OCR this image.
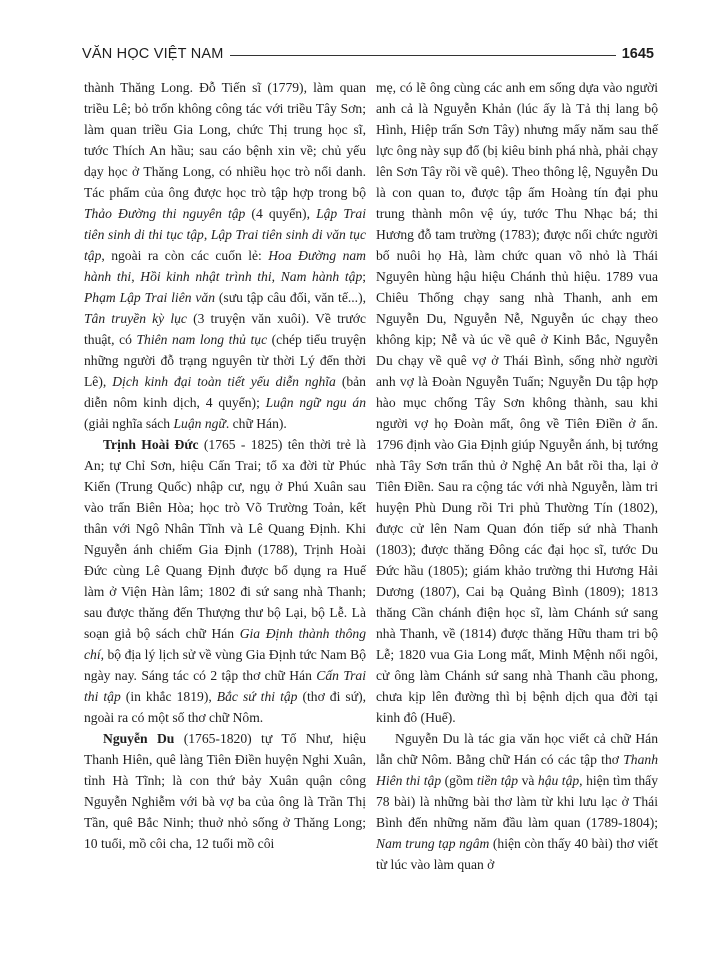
VĂN HỌC VIỆT NAM	1645

thành Thăng Long. Đỗ Tiến sĩ (1779), làm quan triều Lê; bỏ trốn không công tác với triều Tây Sơn; làm quan triều Gia Long, chức Thị trung học sĩ, tước Thích An hầu; sau cáo bệnh xin về; chủ yếu dạy học ở Thăng Long, có nhiều học trò nổi danh. Tác phẩm của ông được học trò tập hợp trong bộ Thảo Đường thi nguyên tập (4 quyển), Lập Trai tiên sinh di thi tục tập, Lập Trai tiên sinh di văn tục tập, ngoài ra còn các cuốn lẻ: Hoa Đường nam hành thi, Hồi kinh nhật trình thi, Nam hành tập; Phạm Lập Trai liên văn (sưu tập câu đối, văn tế...), Tân truyền kỳ lục (3 truyện văn xuôi). Về trước thuật, có Thiên nam long thủ tục (chép tiểu truyện những người đỗ trạng nguyên từ thời Lý đến thời Lê), Dịch kinh đại toàn tiết yếu diễn nghĩa (bản diễn nôm kinh dịch, 4 quyển); Luận ngữ ngu án (giải nghĩa sách Luận ngữ. chữ Hán).

Trịnh Hoài Đức (1765 - 1825) tên thời trẻ là An; tự Chỉ Sơn, hiệu Cấn Trai; tổ xa đời từ Phúc Kiến (Trung Quốc) nhập cư, ngụ ở Phú Xuân sau vào trấn Biên Hòa; học trò Võ Trường Toản, kết thân với Ngô Nhân Tĩnh và Lê Quang Định. Khi Nguyễn ánh chiếm Gia Định (1788), Trịnh Hoài Đức cùng Lê Quang Định được bổ dụng ra Huế làm ở Viện Hàn lâm; 1802 đi sứ sang nhà Thanh; sau được thăng đến Thượng thư bộ Lại, bộ Lễ. Là soạn giả bộ sách chữ Hán Gia Định thành thông chí, bộ địa lý lịch sử về vùng Gia Định tức Nam Bộ ngày nay. Sáng tác có 2 tập thơ chữ Hán Cấn Trai thi tập (in khắc 1819), Bắc sứ thi tập (thơ đi sứ), ngoài ra có một số thơ chữ Nôm.

Nguyễn Du (1765-1820) tự Tố Như, hiệu Thanh Hiên, quê làng Tiên Điền huyện Nghi Xuân, tỉnh Hà Tĩnh; là con thứ bảy Xuân quận công Nguyễn Nghiễm với bà vợ ba của ông là Trần Thị Tần, quê Bắc Ninh; thuở nhỏ sống ở Thăng Long; 10 tuổi, mồ côi cha, 12 tuổi mồ côi

mẹ, có lẽ ông cùng các anh em sống dựa vào người anh cả là Nguyễn Khản (lúc ấy là Tả thị lang bộ Hình, Hiệp trấn Sơn Tây) nhưng mấy năm sau thế lực ông này sụp đổ (bị kiêu binh phá nhà, phải chạy lên Sơn Tây rồi về quê). Theo thông lệ, Nguyễn Du là con quan to, được tập ấm Hoàng tín đại phu trung thành môn vệ úy, tước Thu Nhạc bá; thi Hương đỗ tam trường (1783); được nối chức người bố nuôi họ Hà, làm chức quan võ nhỏ là Thái Nguyên hùng hậu hiệu Chánh thủ hiệu. 1789 vua Chiêu Thống chạy sang nhà Thanh, anh em Nguyễn Du, Nguyễn Nễ, Nguyễn úc chạy theo không kịp; Nễ và úc về quê ở Kinh Bắc, Nguyễn Du chạy về quê vợ ở Thái Bình, sống nhờ người anh vợ là Đoàn Nguyễn Tuấn; Nguyễn Du tập hợp hào mục chống Tây Sơn không thành, sau khi người vợ họ Đoàn mất, ông về Tiên Điền ở ẩn. 1796 định vào Gia Định giúp Nguyễn ánh, bị tướng nhà Tây Sơn trấn thủ ở Nghệ An bắt rồi tha, lại ở Tiên Điền. Sau ra cộng tác với nhà Nguyễn, làm tri huyện Phù Dung rồi Tri phủ Thường Tín (1802), được cử lên Nam Quan đón tiếp sứ nhà Thanh (1803); được thăng Đông các đại học sĩ, tước Du Đức hầu (1805); giám khảo trường thi Hương Hải Dương (1807), Cai bạ Quảng Bình (1809); 1813 thăng Cần chánh điện học sĩ, làm Chánh sứ sang nhà Thanh, về (1814) được thăng Hữu tham tri bộ Lễ; 1820 vua Gia Long mất, Minh Mệnh nối ngôi, cử ông làm Chánh sứ sang nhà Thanh cầu phong, chưa kịp lên đường thì bị bệnh dịch qua đời tại kinh đô (Huế).

Nguyễn Du là tác gia văn học viết cả chữ Hán lẫn chữ Nôm. Bằng chữ Hán có các tập thơ Thanh Hiên thi tập (gồm tiền tập và hậu tập, hiện tìm thấy 78 bài) là những bài thơ làm từ khi lưu lạc ở Thái Bình đến những năm đầu làm quan (1789-1804); Nam trung tạp ngâm (hiện còn thấy 40 bài) thơ viết từ lúc vào làm quan ở
